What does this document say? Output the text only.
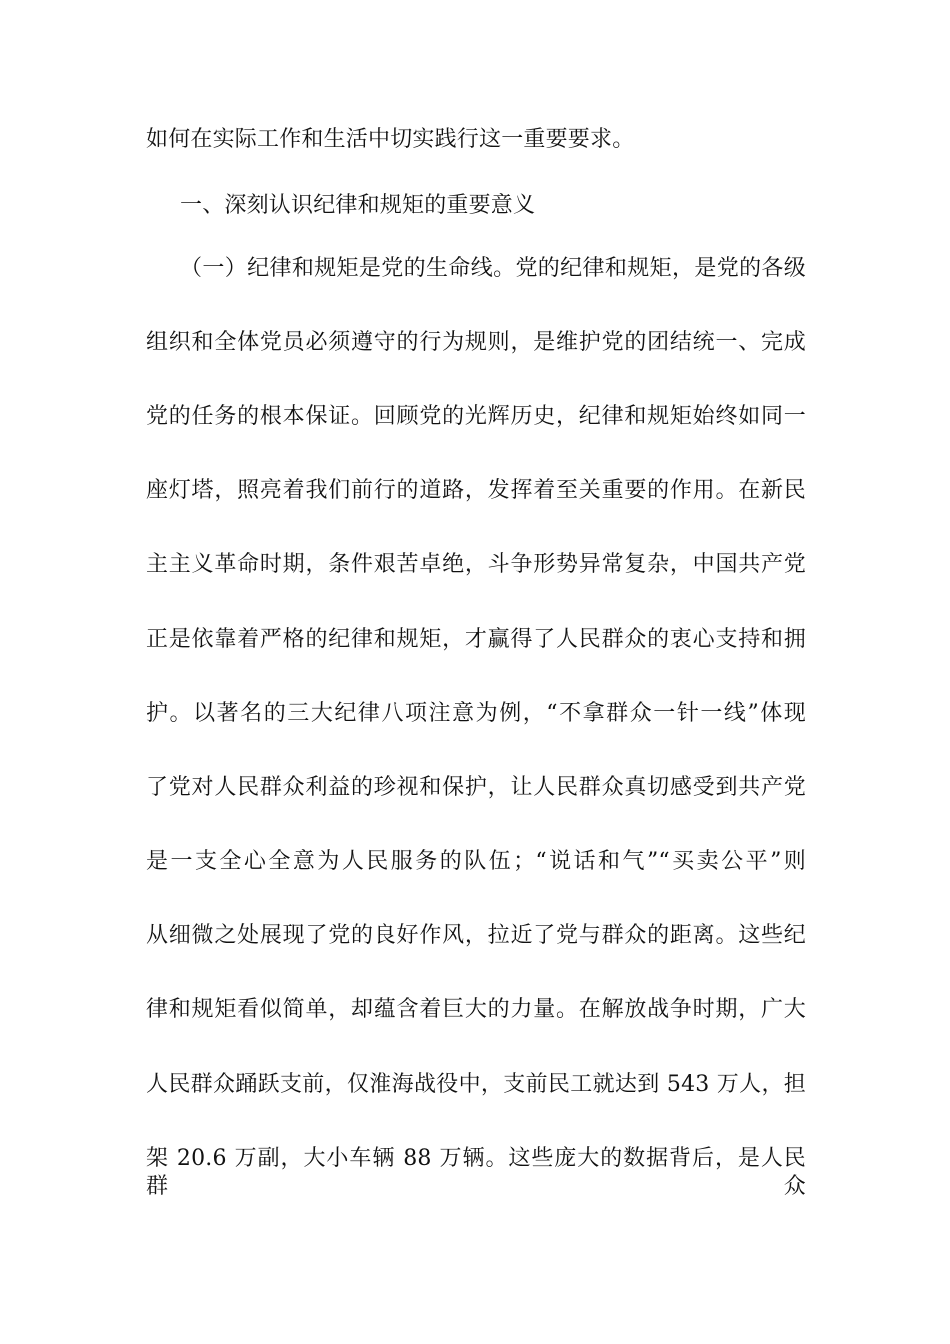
如何在实际工作和生活中切实践行这一重要要求。
一、深刻认识纪律和规矩的重要意义
（一）纪律和规矩是党的生命线。党的纪律和规矩，是党的各级
组织和全体党员必须遵守的行为规则，是维护党的团结统一、完成
党的任务的根本保证。回顾党的光辉历史，纪律和规矩始终如同一
座灯塔，照亮着我们前行的道路，发挥着至关重要的作用。在新民
主主义革命时期，条件艰苦卓绝，斗争形势异常复杂，中国共产党
正是依靠着严格的纪律和规矩，才赢得了人民群众的衷心支持和拥
护。以著名的三大纪律八项注意为例，“不拿群众一针一线”体现
了党对人民群众利益的珍视和保护，让人民群众真切感受到共产党
是一支全心全意为人民服务的队伍；“说话和气”“买卖公平”则
从细微之处展现了党的良好作风，拉近了党与群众的距离。这些纪
律和规矩看似简单，却蕴含着巨大的力量。在解放战争时期，广大
人民群众踊跃支前，仅淮海战役中，支前民工就达到 543 万人，担
架 20.6 万副，大小车辆 88 万辆。这些庞大的数据背后，是人民群众
